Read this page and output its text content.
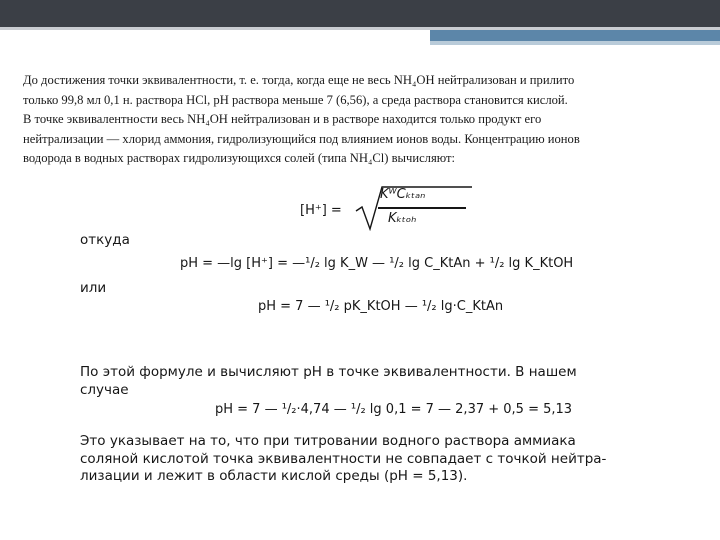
До достижения точки эквивалентности, т. е. тогда, когда еще не весь NH₄OH нейтрализован и прилито

только 99,8 мл 0,1 н. раствора HCl, pH раствора меньше 7 (6,56), а среда раствора становится кислой.

В точке эквивалентности весь NH₄OH нейтрализован и в растворе находится только продукт его

нейтрализации — хлорид аммония, гидролизующийся под влиянием ионов воды. Концентрацию ионов

водорода в водных растворах гидролизующихся солей (типа NH₄Cl) вычисляют:

[H⁺] =
KᵂCₖₜₐₙ
Kₖₜₒₕ
откуда
pH = —lg [H⁺] = —¹/₂ lg K_W — ¹/₂ lg C_KtAn + ¹/₂ lg K_KtOH
или
pH = 7 — ¹/₂ pK_KtOH — ¹/₂ lg·C_KtAn

По этой формуле и вычисляют pH в точке эквивалентности. В нашем

случае

pH = 7 — ¹/₂·4,74 — ¹/₂ lg 0,1 = 7 — 2,37 + 0,5 = 5,13

Это указывает на то, что при титровании водного раствора аммиака

соляной кислотой точка эквивалентности не совпадает с точкой нейтра-

лизации и лежит в области кислой среды (pH = 5,13).
